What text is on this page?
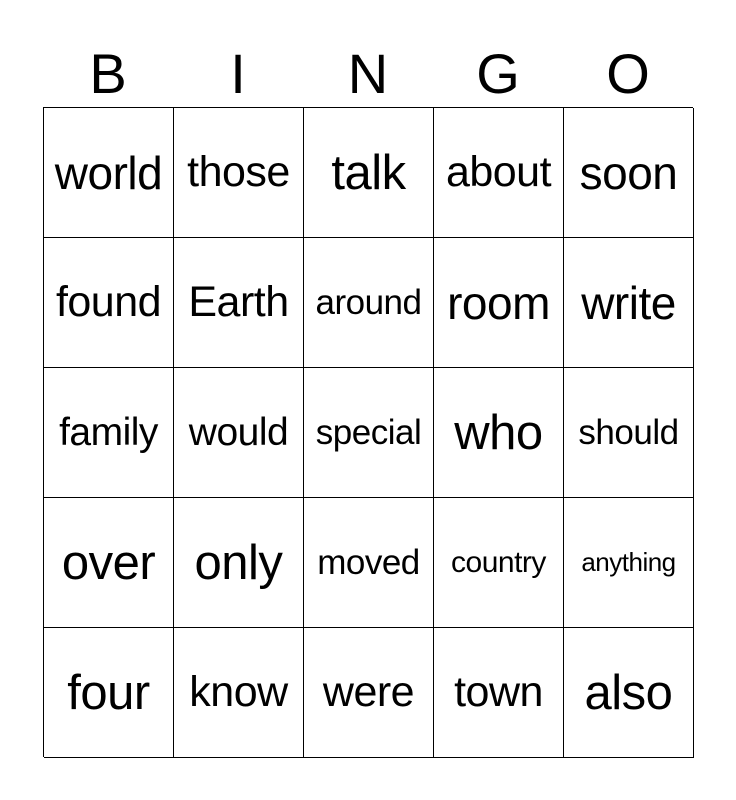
B	I	N	G	O
world those talk about soon
found Earth around room write
family would special who	should
over only moved	country	anything
four know were town also
